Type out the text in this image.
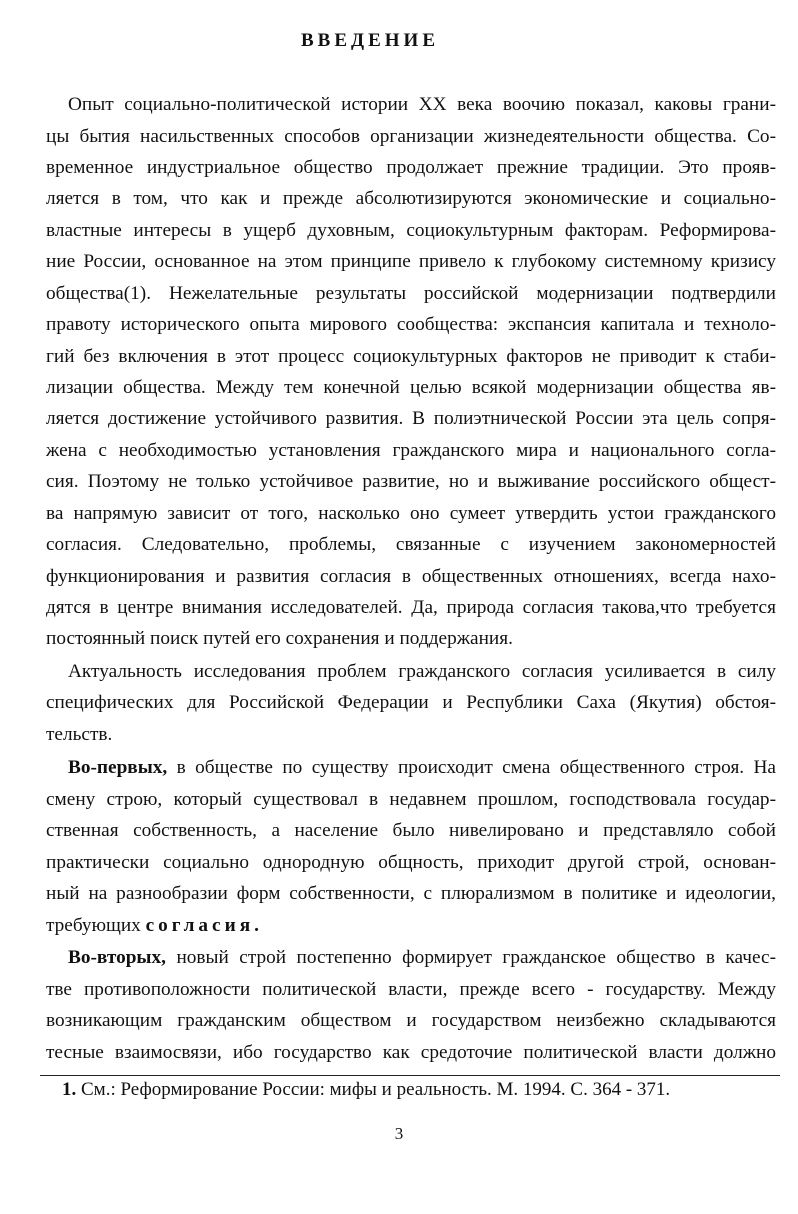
ВВЕДЕНИЕ
Опыт социально-политической истории XX века воочию показал, каковы грани-
цы бытия насильственных способов организации жизнедеятельности общества. Со-
временное индустриальное общество продолжает прежние традиции. Это прояв-
ляется в том, что как и прежде абсолютизируются экономические и социально-
властные интересы в ущерб духовным, социокультурным факторам. Реформирова-
ние России, основанное на этом принципе привело к глубокому системному кризису
общества(1). Нежелательные результаты российской модернизации подтвердили
правоту исторического опыта мирового сообщества: экспансия капитала и техноло-
гий без включения в этот процесс социокультурных факторов не приводит к стаби-
лизации общества. Между тем конечной целью всякой модернизации общества яв-
ляется достижение устойчивого развития. В полиэтнической России эта цель сопря-
жена с необходимостью установления гражданского мира и национального согла-
сия. Поэтому не только устойчивое развитие, но и выживание российского общест-
ва напрямую зависит от того, насколько оно сумеет утвердить устои гражданского
согласия. Следовательно, проблемы, связанные с изучением закономерностей
функционирования и развития согласия в общественных отношениях, всегда нахо-
дятся в центре внимания исследователей. Да, природа согласия такова,что требуется
постоянный поиск путей его сохранения и поддержания.
Актуальность исследования проблем гражданского согласия усиливается в силу
специфических для Российской Федерации и Республики Саха (Якутия) обстоя-
тельств.
Во-первых, в обществе по существу происходит смена общественного строя. На
смену строю, который существовал в недавнем прошлом, господствовала государ-
ственная собственность, а население было нивелировано и представляло собой
практически социально однородную общность, приходит другой строй, основан-
ный на разнообразии форм собственности, с плюрализмом в политике и идеологии,
требующих согласия.
Во-вторых, новый строй постепенно формирует гражданское общество в качес-
тве противоположности политической власти, прежде всего - государству. Между
возникающим гражданским обществом и государством неизбежно складываются
тесные взаимосвязи, ибо государство как средоточие политической власти должно
1. См.: Реформирование России: мифы и реальность. М. 1994. С. 364 - 371.
3
